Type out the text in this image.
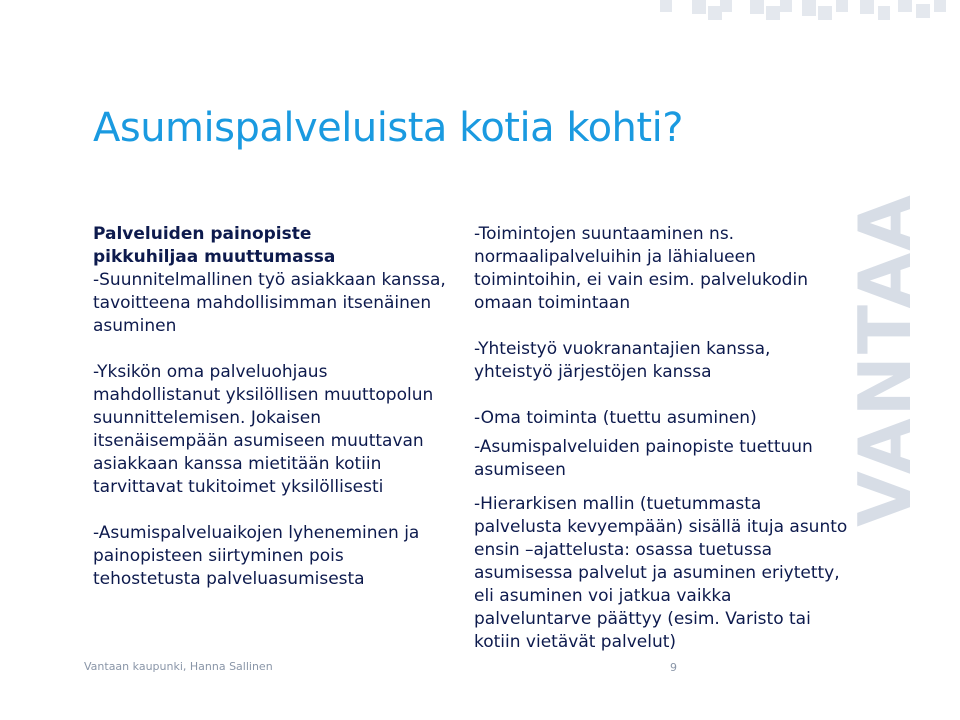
VANTAA
Asumispalveluista kotia kohti?

Palveluiden painopiste

pikkuhiljaa muuttumassa

-Suunnitelmallinen työ asiakkaan kanssa, tavoitteena mahdollisimman itsenäinen asuminen

-Yksikön oma palveluohjaus mahdollistanut yksilöllisen muuttopolun suunnittelemisen. Jokaisen itsenäisempään asumiseen muuttavan asiakkaan kanssa mietitään kotiin tarvittavat tukitoimet yksilöllisesti

-Asumispalveluaikojen lyheneminen ja painopisteen siirtyminen pois tehostetusta palveluasumisesta

-Toimintojen suuntaaminen ns. normaalipalveluihin ja lähialueen toimintoihin, ei vain esim. palvelukodin omaan toimintaan

-Yhteistyö vuokranantajien kanssa, yhteistyö järjestöjen kanssa

-Oma toiminta (tuettu asuminen)

-Asumispalveluiden painopiste tuettuun asumiseen

-Hierarkisen mallin (tuetummasta palvelusta kevyempään) sisällä ituja asunto ensin –ajattelusta: osassa tuetussa asumisessa palvelut ja asuminen eriytetty, eli asuminen voi jatkua vaikka palveluntarve päättyy (esim. Varisto tai kotiin vietävät palvelut)

Vantaan kaupunki, Hanna Sallinen	9
